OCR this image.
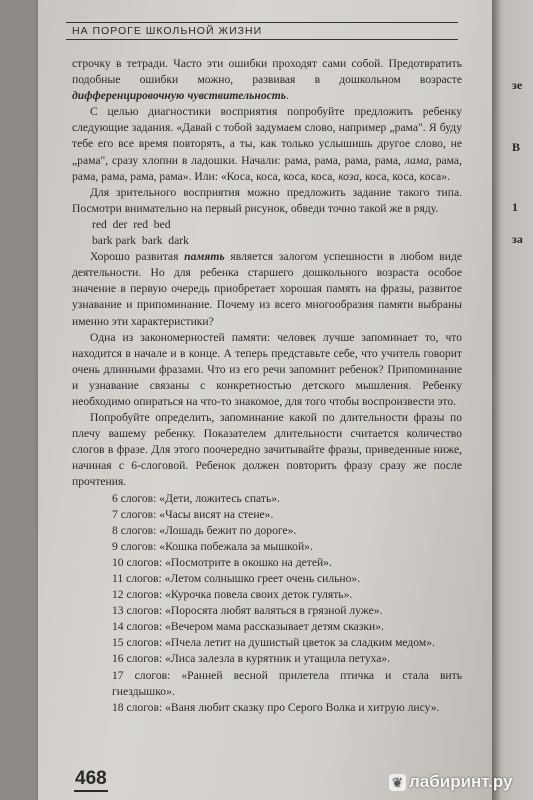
НА ПОРОГЕ ШКОЛЬНОЙ ЖИЗНИ

строчку в тетради. Часто эти ошибки проходят сами собой. Предотвратить подобные ошибки можно, развивая в дошкольном возрасте дифференцировочную чувствительность.

С целью диагностики восприятия попробуйте предложить ребенку следующие задания. «Давай с тобой задумаем слово, например „рама". Я буду тебе его все время повторять, а ты, как только услышишь другое слово, не „рама", сразу хлопни в ладошки. Начали: рама, рама, рама, рама, лама, рама, рама, рама, рама, рама». Или: «Коса, коса, коса, коса, коза, коса, коса, коса».

Для зрительного восприятия можно предложить задание такого типа. Посмотри внимательно на первый рисунок, обведи точно такой же в ряду.

red  der  red  bed
bark park  bark  dark

Хорошо развитая память является залогом успешности в любом виде деятельности. Но для ребенка старшего дошкольного возраста особое значение в первую очередь приобретает хорошая память на фразы, развитое узнавание и припоминание. Почему из всего многообразия памяти выбраны именно эти характеристики?

Одна из закономерностей памяти: человек лучше запоминает то, что находится в начале и в конце. А теперь представьте себе, что учитель говорит очень длинными фразами. Что из его речи запомнит ребенок? Припоминание и узнавание связаны с конкретностью детского мышления. Ребенку необходимо опираться на что-то знакомое, для того чтобы воспроизвести это.

Попробуйте определить, запоминание какой по длительности фразы по плечу вашему ребенку. Показателем длительности считается количество слогов в фразе. Для этого поочередно зачитывайте фразы, приведенные ниже, начиная с 6-слоговой. Ребенок должен повторить фразу сразу же после прочтения.

6 слогов: «Дети, ложитесь спать».
7 слогов: «Часы висят на стене».
8 слогов: «Лошадь бежит по дороге».
9 слогов: «Кошка побежала за мышкой».
10 слогов: «Посмотрите в окошко на детей».
11 слогов: «Летом солнышко греет очень сильно».
12 слогов: «Курочка повела своих деток гулять».
13 слогов: «Поросята любят валяться в грязной луже».
14 слогов: «Вечером мама рассказывает детям сказки».
15 слогов: «Пчела летит на душистый цветок за сладким медом».
16 слогов: «Лиса залезла в курятник и утащила петуха».
17 слогов: «Ранней весной прилетела птичка и стала вить гнездышко».
18 слогов: «Ваня любит сказку про Серого Волка и хитрую лису».
468
зе
В
1
за
❦ лабиринт.ру
